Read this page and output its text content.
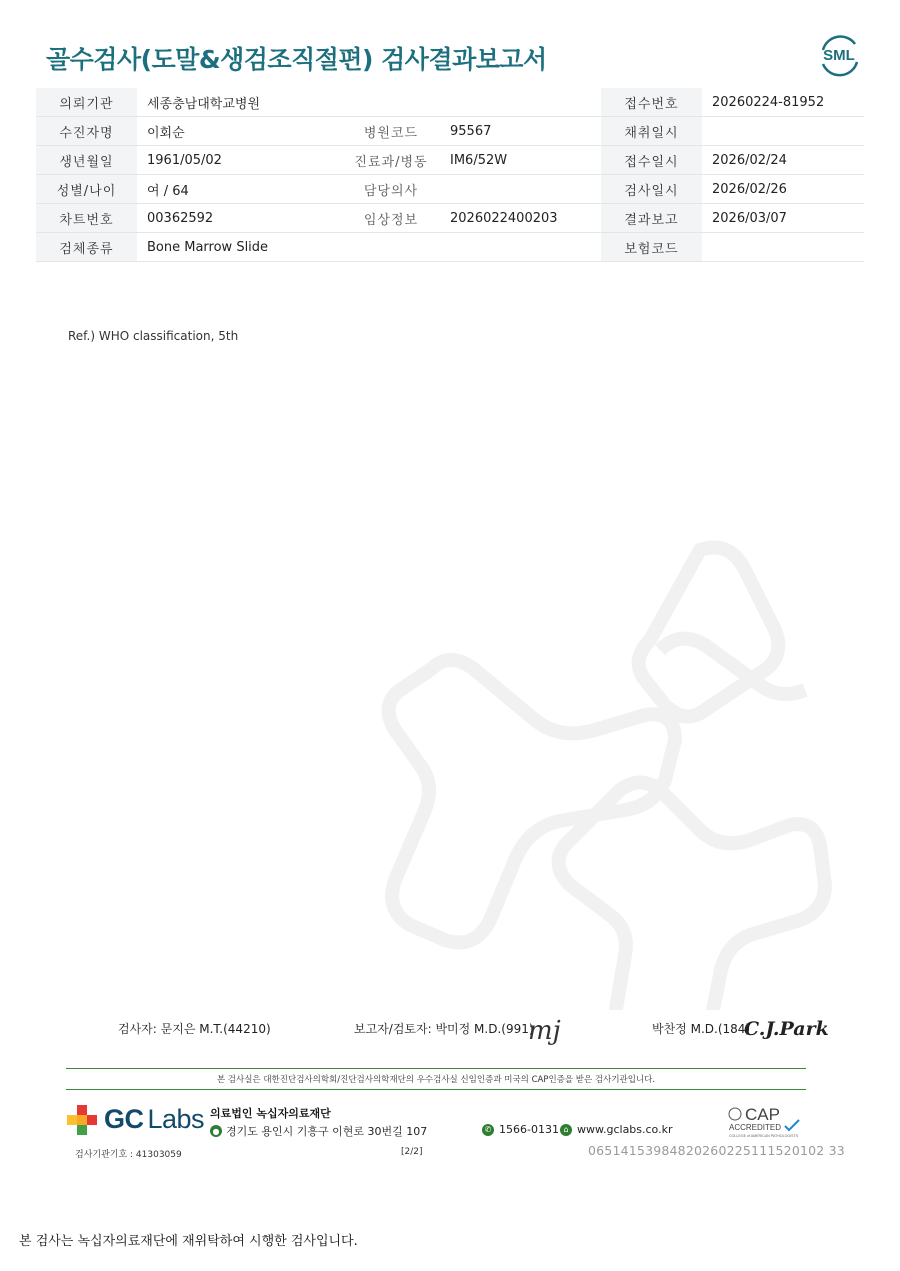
골수검사(도말&생검조직절편) 검사결과보고서	SML
의뢰기관	세종충남대학교병원			접수번호	20260224-81952
수진자명	이회순	병원코드	95567	채취일시	
생년월일	1961/05/02	진료과/병동	IM6/52W	접수일시	2026/02/24
성별/나이	여 / 64	담당의사		검사일시	2026/02/26
차트번호	00362592	임상정보	2026022400203	결과보고	2026/03/07
검체종류	Bone Marrow Slide			보험코드	
Ref.) WHO classification, 5th
검사자: 문지은 M.T.(44210)	보고자/검토자: 박미정 M.D.(991)
mj	박찬정 M.D.(184)
C.J.Park
본 검사실은 대한진단검사의학회/진단검사의학재단의 우수검사실 신임인증과 미국의 CAP인증을 받은 검사기관입니다.
GC Labs 의료법인 녹십자의료재단
● 경기도 용인시 기흥구 이현로 30번길 107	✆ 1566-0131 ⌂ www.gclabs.co.kr
CAP
ACCREDITED
COLLEGE of AMERICAN PATHOLOGISTS
검사기관기호 : 41303059	[2/2]	06514153984820260225111520102 33
본 검사는 녹십자의료재단에 재위탁하여 시행한 검사입니다.
